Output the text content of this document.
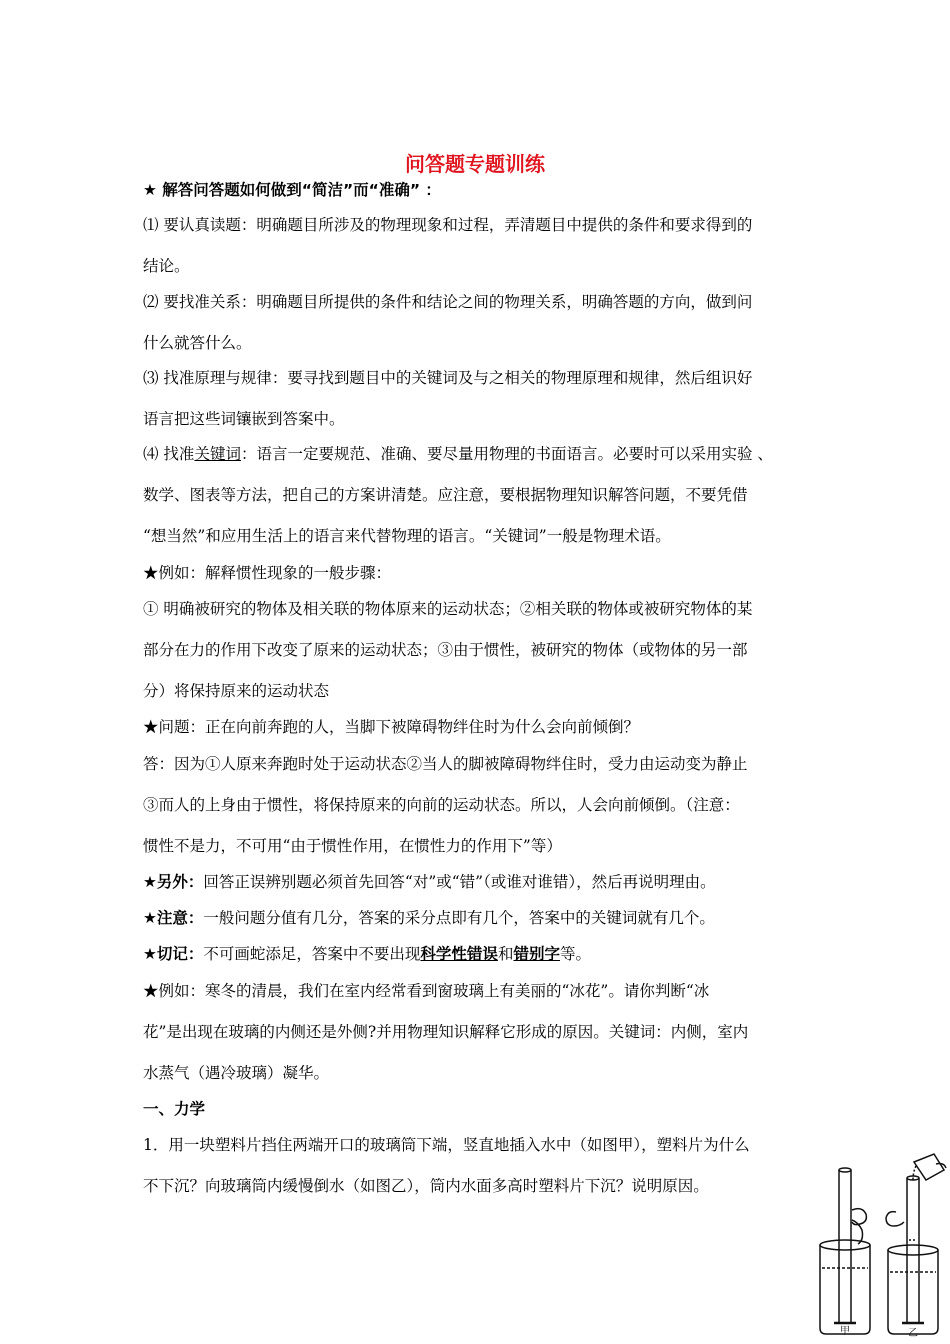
问答题专题训练
★ 解答问答题如何做到“简洁”而“准确” ：
⑴ 要认真读题：明确题目所涉及的物理现象和过程，弄清题目中提供的条件和要求得到的
结论。
⑵ 要找准关系：明确题目所提供的条件和结论之间的物理关系，明确答题的方向，做到问
什么就答什么。
⑶ 找准原理与规律：要寻找到题目中的关键词及与之相关的物理原理和规律，然后组识好
语言把这些词镶嵌到答案中。
⑷ 找准关键词：语言一定要规范、准确、要尽量用物理的书面语言。必要时可以采用实验 、
数学、图表等方法，把自己的方案讲清楚。应注意，要根据物理知识解答问题，不要凭借
“想当然”和应用生活上的语言来代替物理的语言。“关键词”一般是物理术语。
★例如：解释惯性现象的一般步骤：
① 明确被研究的物体及相关联的物体原来的运动状态；②相关联的物体或被研究物体的某
部分在力的作用下改变了原来的运动状态；③由于惯性，被研究的物体（或物体的另一部
分）将保持原来的运动状态
★问题：正在向前奔跑的人，当脚下被障碍物绊住时为什么会向前倾倒？
答：因为①人原来奔跑时处于运动状态②当人的脚被障碍物绊住时，受力由运动变为静止
③而人的上身由于惯性，将保持原来的向前的运动状态。所以，人会向前倾倒。（注意：
惯性不是力，不可用“由于惯性作用，在惯性力的作用下”等）
★另外：回答正误辨别题必须首先回答“对”或“错”（或谁对谁错），然后再说明理由。
★注意：一般问题分值有几分，答案的采分点即有几个，答案中的关键词就有几个。
★切记：不可画蛇添足，答案中不要出现科学性错误和错别字等。
★例如：寒冬的清晨，我们在室内经常看到窗玻璃上有美丽的“冰花”。请你判断“冰
花”是出现在玻璃的内侧还是外侧?并用物理知识解释它形成的原因。关键词：内侧，室内
水蒸气（遇冷玻璃）凝华。
一、力学
1．用一块塑料片挡住两端开口的玻璃筒下端，竖直地插入水中（如图甲），塑料片为什么
不下沉？向玻璃筒内缓慢倒水（如图乙），筒内水面多高时塑料片下沉？说明原因。
甲	乙
